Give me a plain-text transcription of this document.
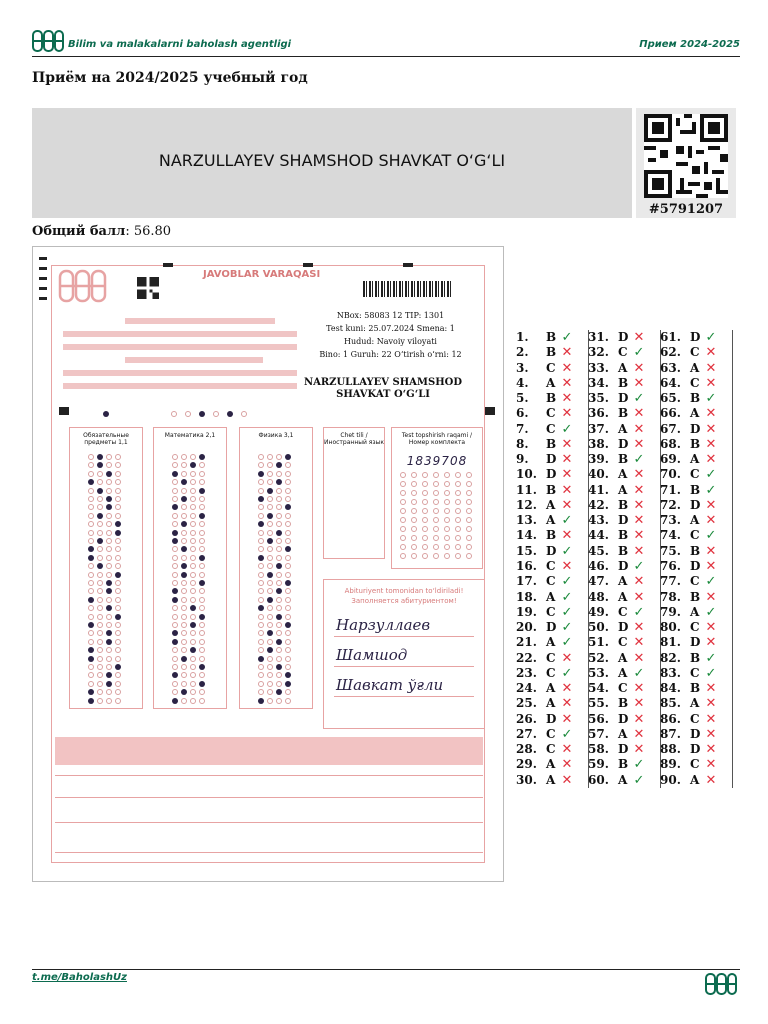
Bilim va malakalarni baholash agentligi	Прием 2024-2025
Приём на 2024/2025 учебный год
NARZULLAYEV SHAMSHOD SHAVKAT O‘G‘LI
#5791207
Общий балл: 56.80
JAVOBLAR VARAQASI
NBox: 58083 12 TIP: 1301
Test kuni: 25.07.2024 Smena: 1
Hudud: Navoiy viloyati
Bino: 1 Guruh: 22 O‘tirish o‘rni: 12
NARZULLAYEV SHAMSHOD
SHAVKAT O‘G‘LI
Обязательные предметы 1,1
Математика 2,1	Физика 3,1	Chet tili / Иностранный язык
Test topshirish raqami / Номер комплекта
1839708
Abituriyent tomonidan to‘ldiriladi! Заполняется абитуриентом!
Нарзуллаев
Шамшод
Шавкат ўғли
1. B ✓
2. B ✕
3. C ✕
4. A ✕
5. B ✕
6. C ✕
7. C ✓
8. B ✕
9. D ✕
10. D ✕
11. B ✕
12. A ✕
13. A ✓
14. B ✕
15. D ✓
16. C ✕
17. C ✓
18. A ✓
19. C ✓
20. D ✓
21. A ✓
22. C ✕
23. C ✓
24. A ✕
25. A ✕
26. D ✕
27. C ✓
28. C ✕
29. A ✕
30. A ✕
31. D ✕
32. C ✓
33. A ✕
34. B ✕
35. D ✓
36. B ✕
37. A ✕
38. D ✕
39. B ✓
40. A ✕
41. A ✕
42. B ✕
43. D ✕
44. B ✕
45. B ✕
46. D ✓
47. A ✕
48. A ✕
49. C ✓
50. D ✕
51. C ✕
52. A ✕
53. A ✓
54. C ✕
55. B ✕
56. D ✕
57. A ✕
58. D ✕
59. B ✓
60. A ✓
61. D ✓
62. C ✕
63. A ✕
64. C ✕
65. B ✓
66. A ✕
67. D ✕
68. B ✕
69. A ✕
70. C ✓
71. B ✓
72. D ✕
73. A ✕
74. C ✓
75. B ✕
76. D ✕
77. C ✓
78. B ✕
79. A ✓
80. C ✕
81. D ✕
82. B ✓
83. C ✓
84. B ✕
85. A ✕
86. C ✕
87. D ✕
88. D ✕
89. C ✕
90. A ✕
t.me/BaholashUz
